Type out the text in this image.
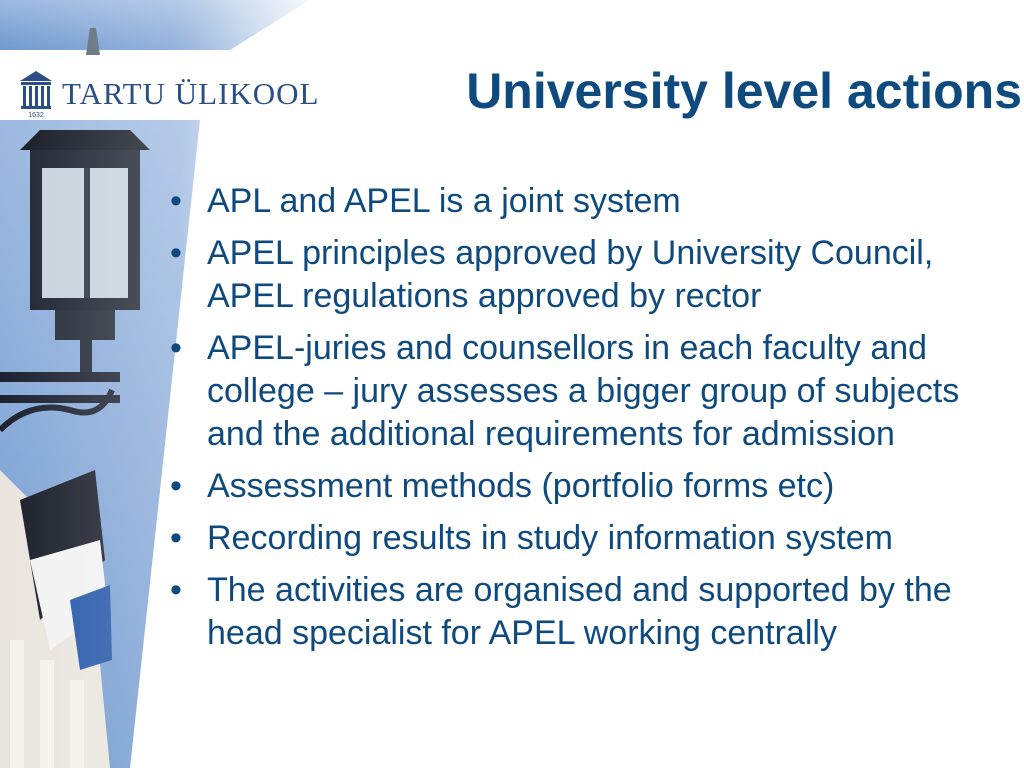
1632
TARTU ÜLIKOOL	University level actions
• APL and APEL is a joint system
• APEL principles approved by University Council, APEL regulations approved by rector
• APEL-juries and counsellors in each faculty and college – jury assesses a bigger group of subjects and the additional requirements for admission
• Assessment methods (portfolio forms etc)
• Recording results in study information system
• The activities are organised and supported by the head specialist for APEL working centrally
